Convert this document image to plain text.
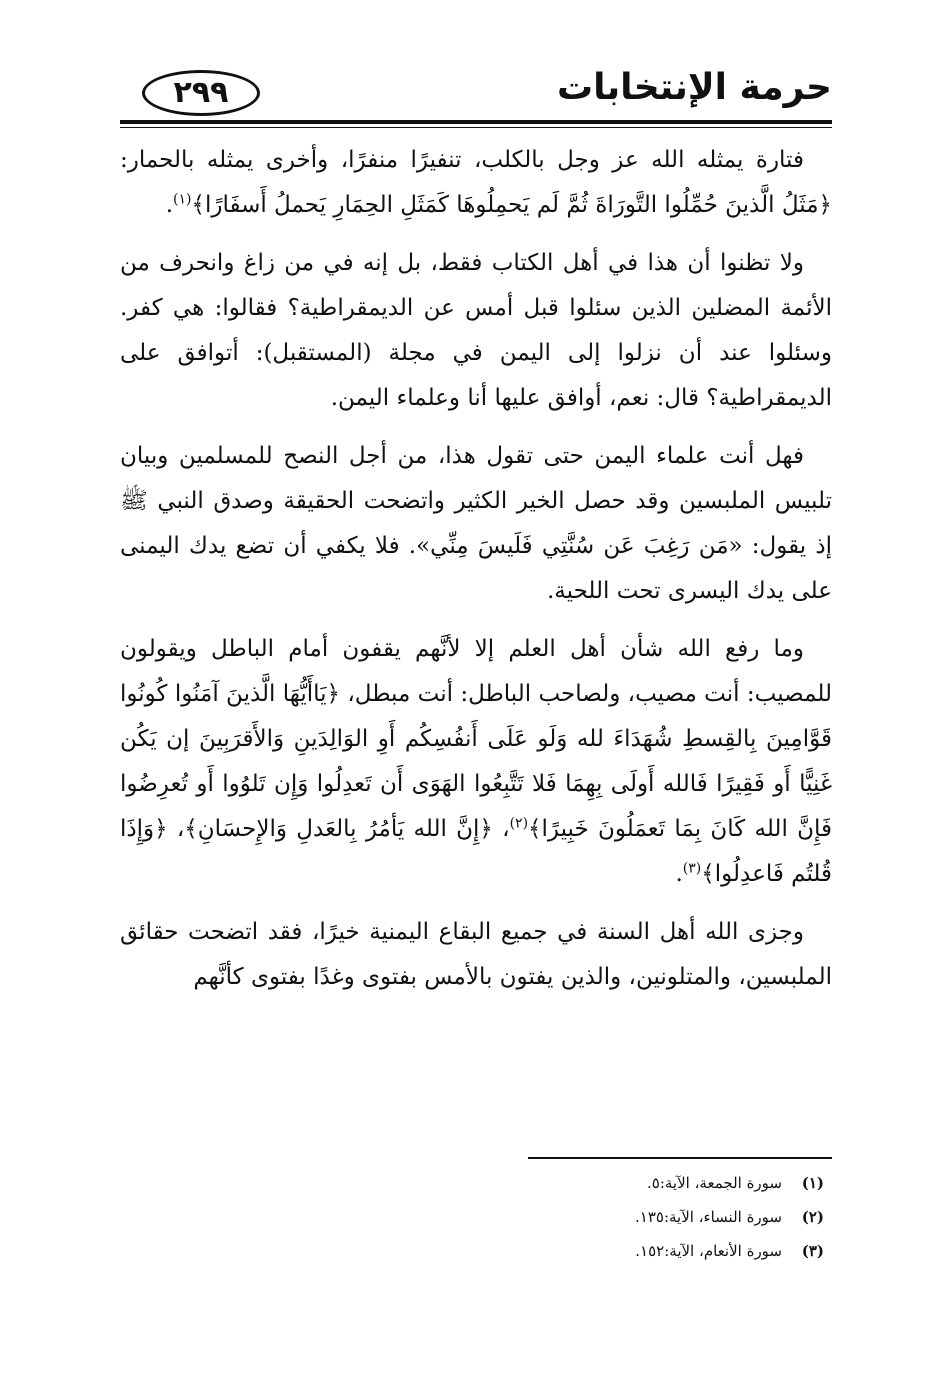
حرمة الإنتخابات
٢٩٩

فتارة يمثله الله عز وجل بالكلب، تنفيرًا منفرًا، وأخرى يمثله بالحمار: ﴿مَثَلُ الَّذينَ حُمِّلُوا التَّورَاةَ ثُمَّ لَم يَحمِلُوهَا كَمَثَلِ الحِمَارِ يَحملُ أَسفَارًا﴾$^{(١)}$.

ولا تظنوا أن هذا في أهل الكتاب فقط، بل إنه في من زاغ وانحرف من الأئمة المضلين الذين سئلوا قبل أمس عن الديمقراطية؟ فقالوا: هي كفر. وسئلوا عند أن نزلوا إلى اليمن في مجلة (المستقبل): أتوافق على الديمقراطية؟ قال: نعم، أوافق عليها أنا وعلماء اليمن.

فهل أنت علماء اليمن حتى تقول هذا، من أجل النصح للمسلمين وبيان تلبيس الملبسين وقد حصل الخير الكثير واتضحت الحقيقة وصدق النبي ﷺ إذ يقول: «مَن رَغِبَ عَن سُنَّتِي فَلَيسَ مِنِّي». فلا يكفي أن تضع يدك اليمنى على يدك اليسرى تحت اللحية.

وما رفع الله شأن أهل العلم إلا لأنَّهم يقفون أمام الباطل ويقولون للمصيب: أنت مصيب، ولصاحب الباطل: أنت مبطل، ﴿يَاأَيُّهَا الَّذينَ آمَنُوا كُونُوا قَوَّامِينَ بِالقِسطِ شُهَدَاءَ لله وَلَو عَلَى أَنفُسِكُم أَوِ الوَالِدَينِ وَالأَقرَبِينَ إن يَكُن غَنِيًّا أَو فَقِيرًا فَالله أَولَى بِهِمَا فَلا تَتَّبِعُوا الهَوَى أَن تَعدِلُوا وَإِن تَلوُوا أَو تُعرِضُوا فَإِنَّ الله كَانَ بِمَا تَعمَلُونَ خَبِيرًا﴾$^{(٢)}$، ﴿إِنَّ الله يَأمُرُ بِالعَدلِ وَالإِحسَانِ﴾، ﴿وَإِذَا قُلتُم فَاعدِلُوا﴾$^{(٣)}$.

وجزى الله أهل السنة في جميع البقاع اليمنية خيرًا، فقد اتضحت حقائق الملبسين، والمتلونين، والذين يفتون بالأمس بفتوى وغدًا بفتوى كأنَّهم

(١)سورة الجمعة، الآية:٥.

(٢)سورة النساء، الآية:١٣٥.

(٣)سورة الأنعام، الآية:١٥٢.
